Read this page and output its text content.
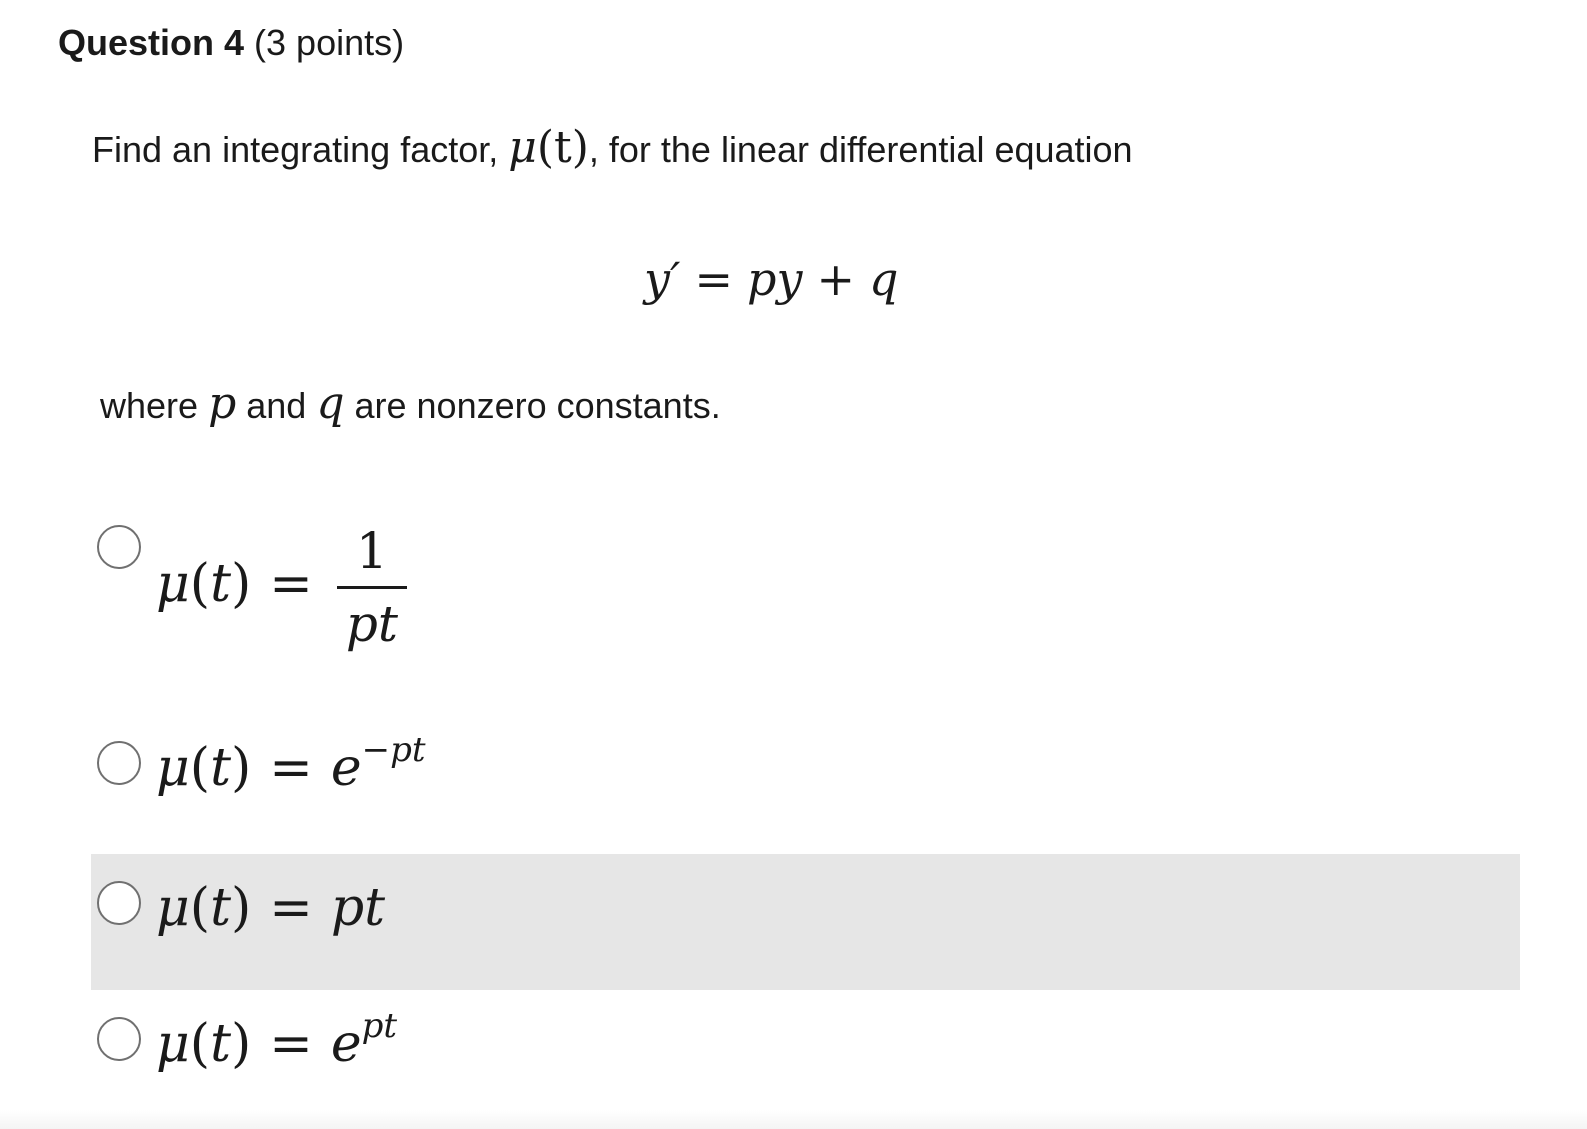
Question 4 (3 points)
Find an integrating factor, μ(t), for the linear differential equation
y′ = py + q
where p and q are nonzero constants.
$\mu(t) = \frac{1}{pt}$
$\mu(t) = e^{-pt}$
μ(t) = pt
$\mu(t) = e^{pt}$
